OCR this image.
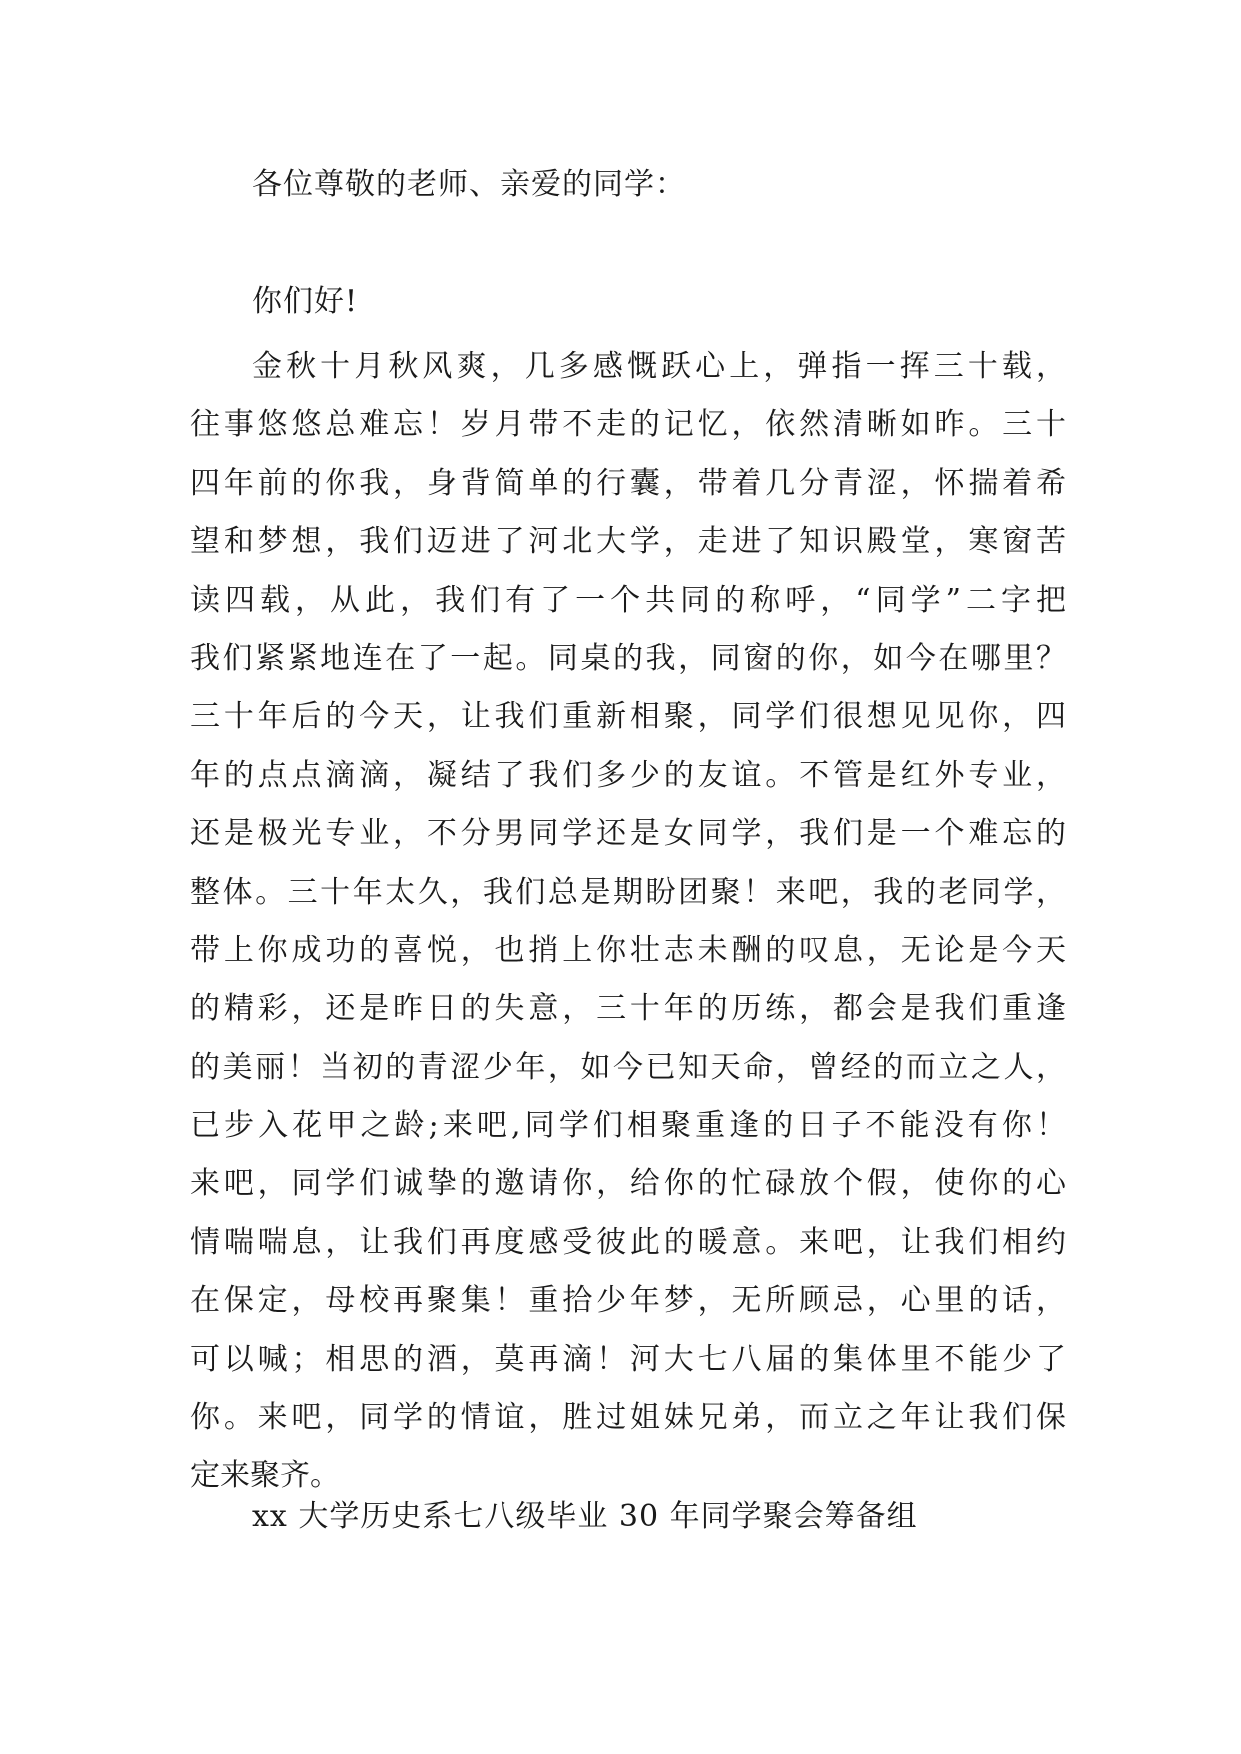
各位尊敬的老师、亲爱的同学：
你们好!
金秋十月秋风爽，几多感慨跃心上，弹指一挥三十载，
往事悠悠总难忘！岁月带不走的记忆，依然清晰如昨。三十
四年前的你我，身背简单的行囊，带着几分青涩，怀揣着希
望和梦想，我们迈进了河北大学，走进了知识殿堂，寒窗苦
读四载，从此，我们有了一个共同的称呼，“同学”二字把
我们紧紧地连在了一起。同桌的我，同窗的你，如今在哪里？
三十年后的今天，让我们重新相聚，同学们很想见见你，四
年的点点滴滴，凝结了我们多少的友谊。不管是红外专业，
还是极光专业，不分男同学还是女同学，我们是一个难忘的
整体。三十年太久，我们总是期盼团聚！来吧，我的老同学，
带上你成功的喜悦，也捎上你壮志未酬的叹息，无论是今天
的精彩，还是昨日的失意，三十年的历练，都会是我们重逢
的美丽！当初的青涩少年，如今已知天命，曾经的而立之人，
已步入花甲之龄;来吧,同学们相聚重逢的日子不能没有你！
来吧，同学们诚挚的邀请你，给你的忙碌放个假，使你的心
情喘喘息，让我们再度感受彼此的暖意。来吧，让我们相约
在保定，母校再聚集！重拾少年梦，无所顾忌，心里的话，
可以喊；相思的酒，莫再滴！河大七八届的集体里不能少了
你。来吧，同学的情谊，胜过姐妹兄弟，而立之年让我们保
定来聚齐。
xx 大学历史系七八级毕业 30 年同学聚会筹备组
